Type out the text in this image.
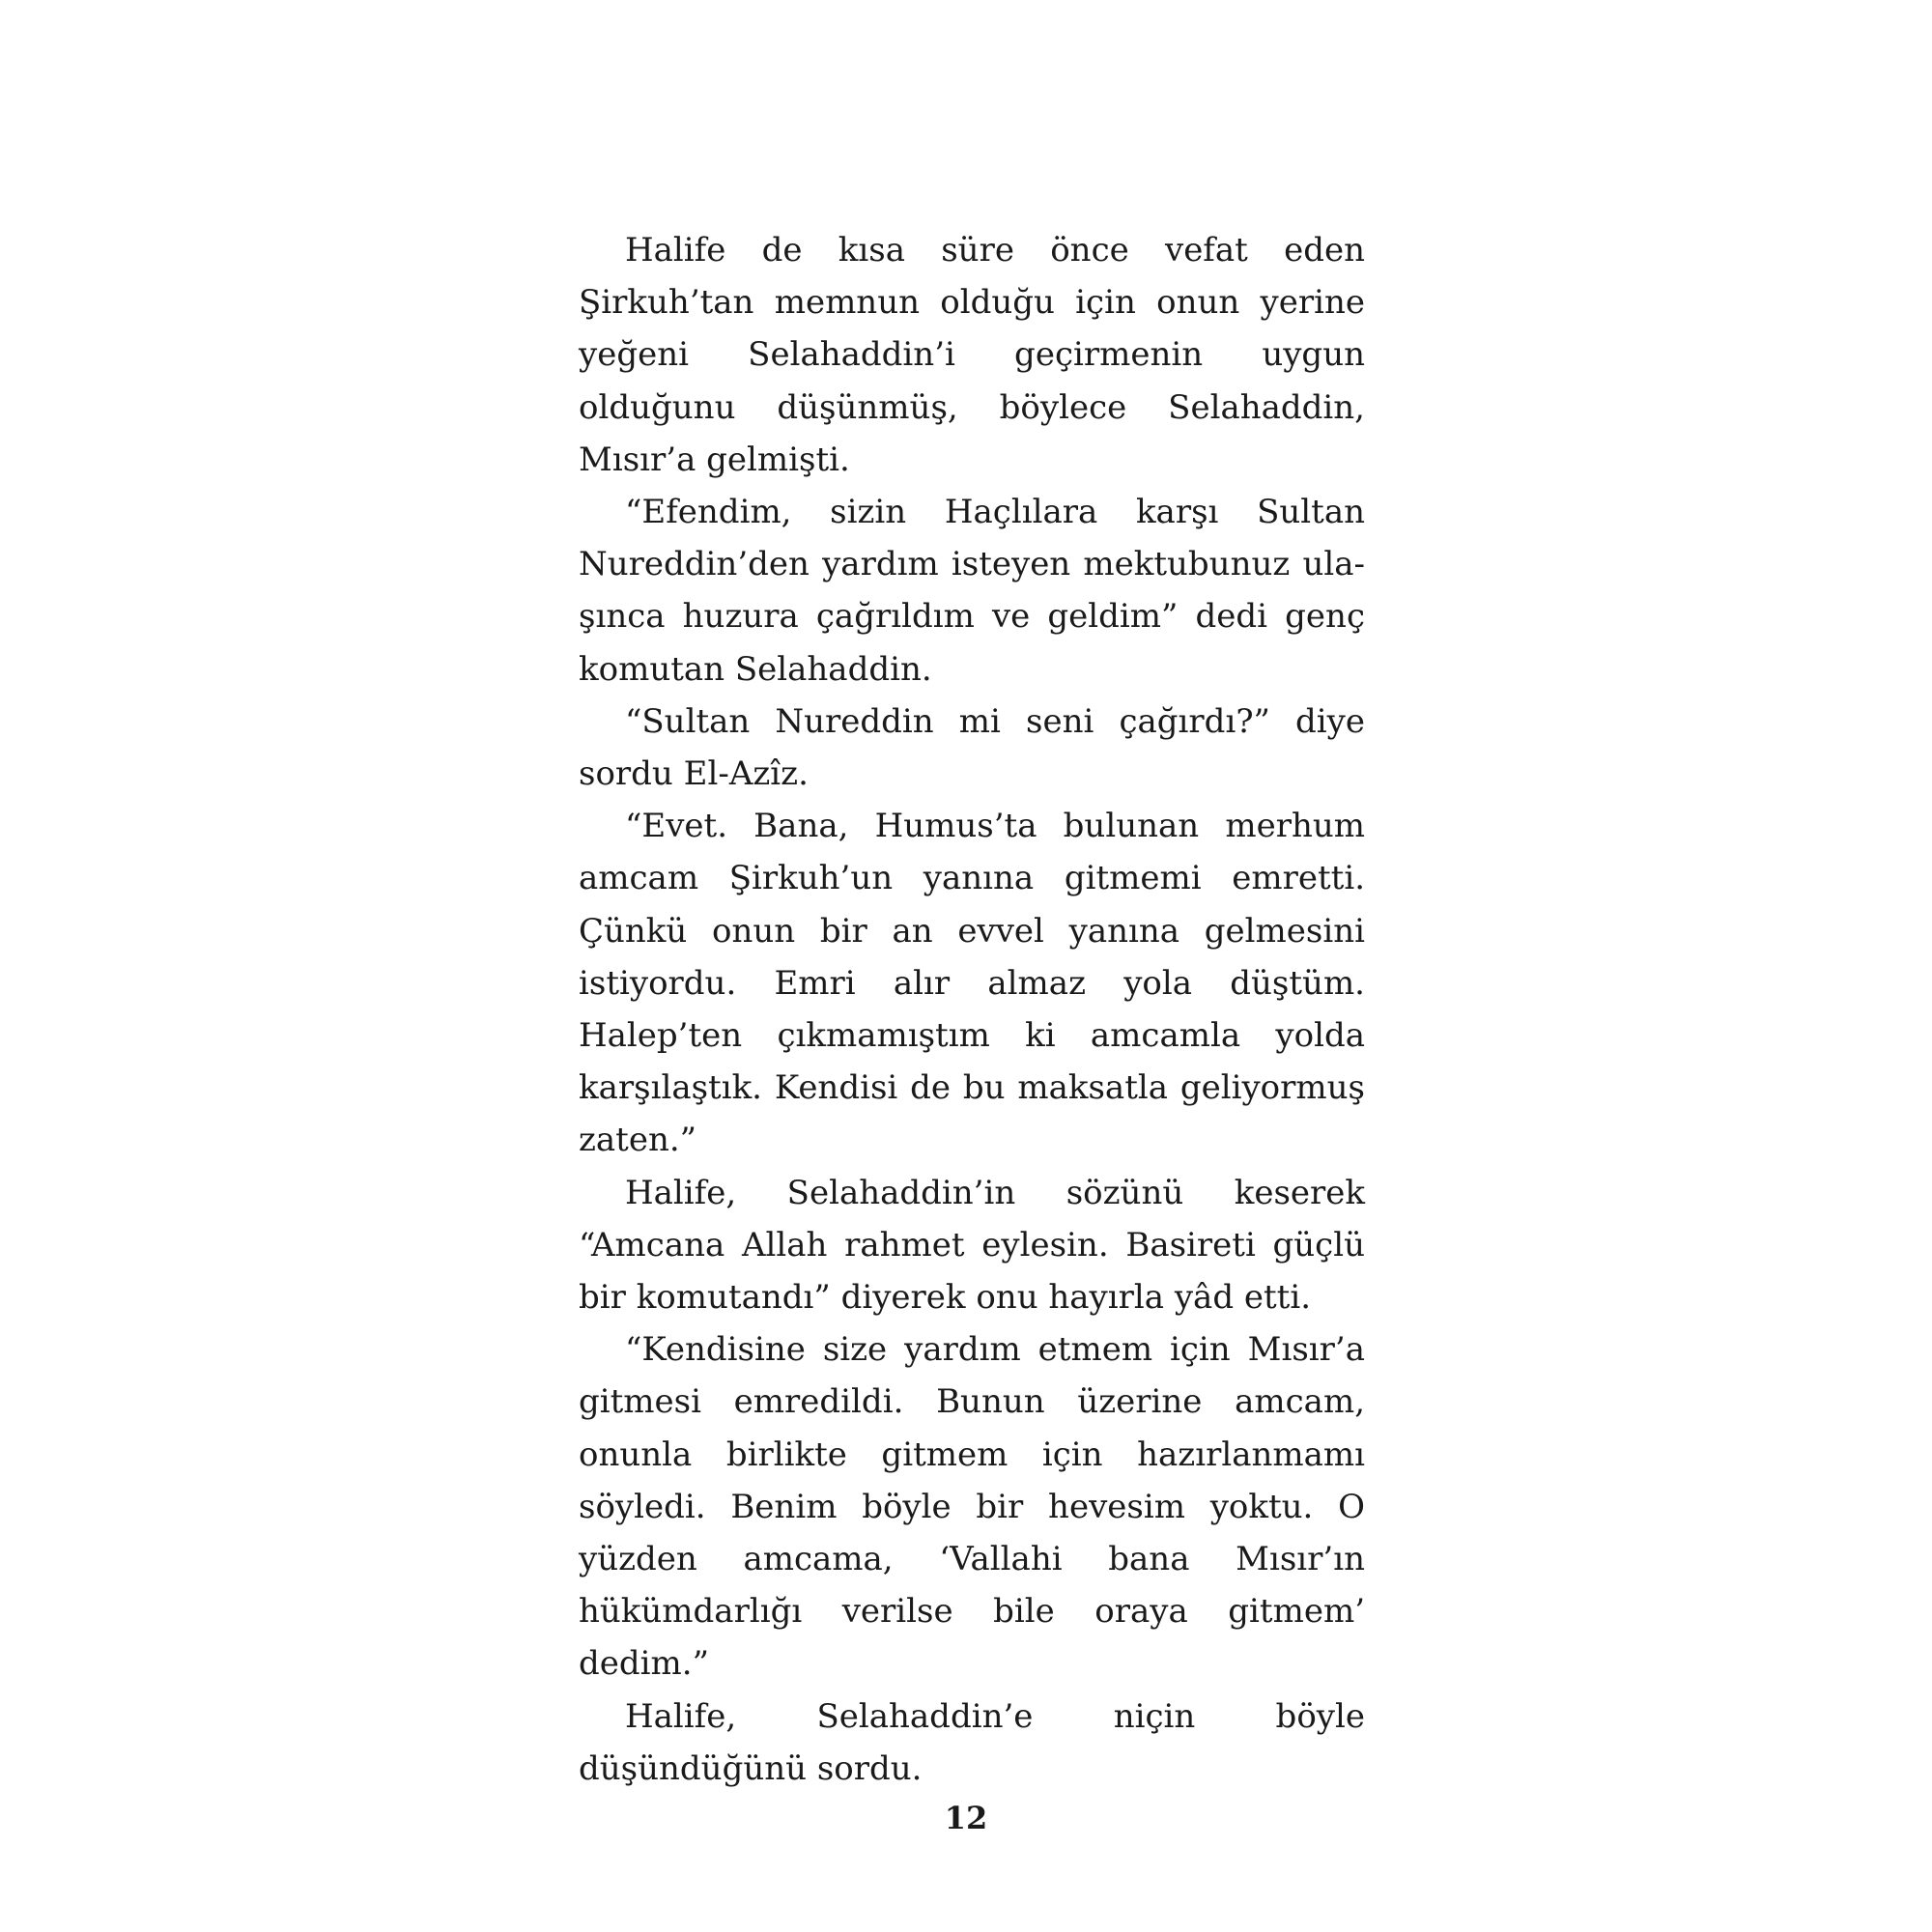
Halife de kısa süre önce vefat eden Şirkuh’tan memnun olduğu için onun yerine yeğeni Selahaddin’i geçirmenin uygun olduğunu düşünmüş, böylece Selahaddin, Mısır’a gelmişti.

“Efendim, sizin Haçlılara karşı Sultan Nureddin’den yardım isteyen mektubunuz ulaşınca huzura çağrıldım ve geldim” dedi genç komutan Selahaddin.

“Sultan Nureddin mi seni çağırdı?” diye sordu El-Azîz.

“Evet. Bana, Humus’ta bulunan merhum amcam Şirkuh’un yanına gitmemi emretti. Çünkü onun bir an evvel yanına gelmesini istiyordu. Emri alır almaz yola düştüm. Halep’ten çıkmamıştım ki amcamla yolda karşılaştık. Kendisi de bu maksatla geliyormuş zaten.”

Halife, Selahaddin’in sözünü keserek “Amcana Allah rahmet eylesin. Basireti güçlü bir komutandı” diyerek onu hayırla yâd etti.

“Kendisine size yardım etmem için Mısır’a gitmesi emredildi. Bunun üzerine amcam, onunla birlikte gitmem için hazırlanmamı söyledi. Benim böyle bir hevesim yoktu. O yüzden amcama, ‘Vallahi bana Mısır’ın hükümdarlığı verilse bile oraya gitmem’ dedim.”

Halife, Selahaddin’e niçin böyle düşündüğünü sordu.

12
